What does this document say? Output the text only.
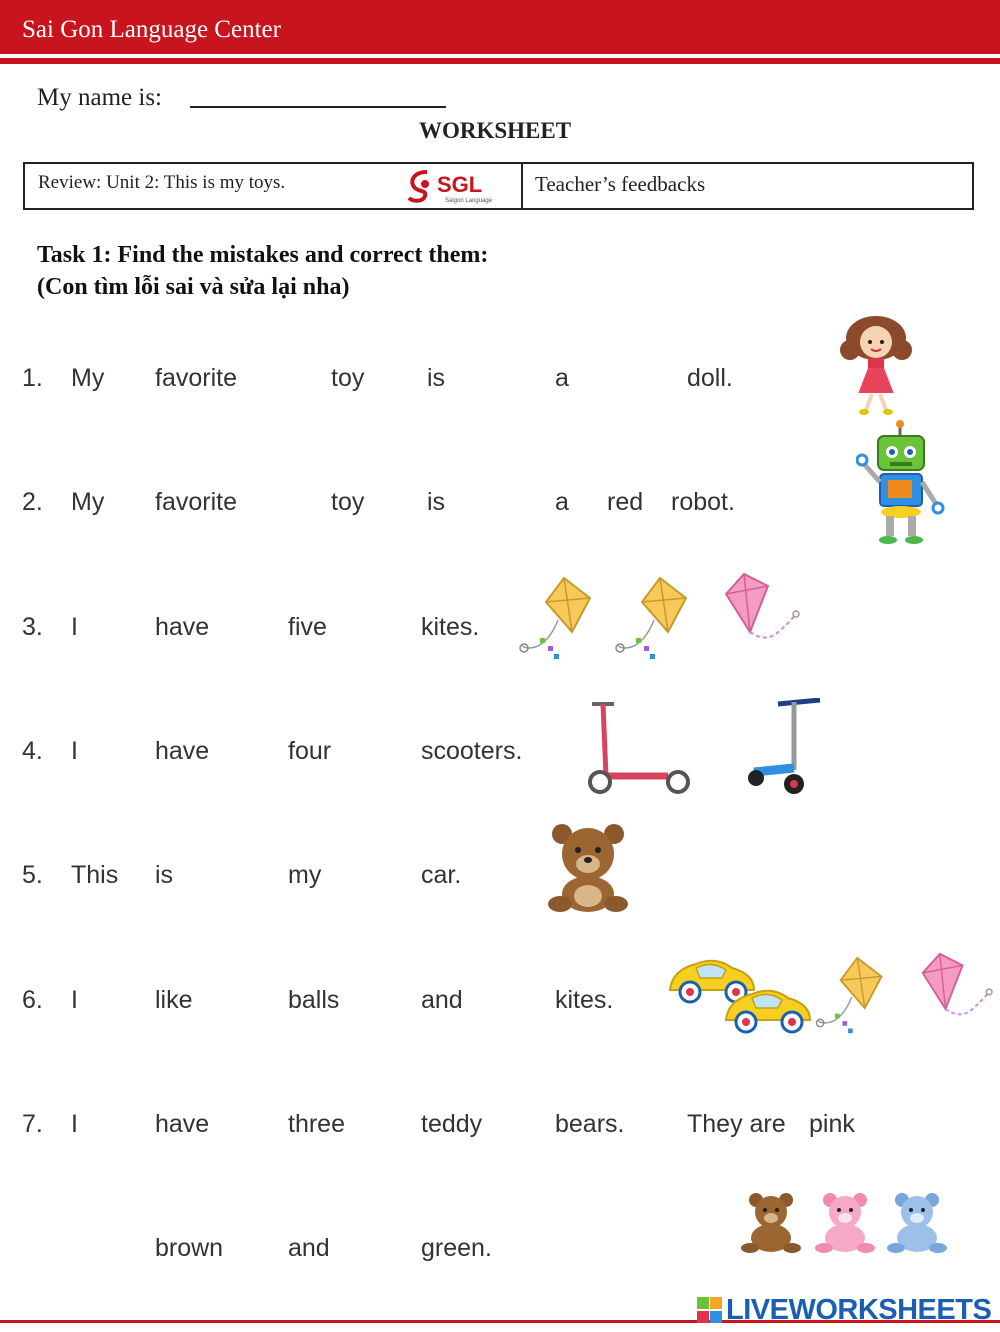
Sai Gon Language Center
My name is:
WORKSHEET
Review: Unit 2: This is my toys.	SGL
Saigon Language
Teacher’s feedbacks
Task 1: Find the mistakes and correct them:
(Con tìm lỗi sai và sửa lại nha)
1. My favorite	toy	is	a	doll.
2. My favorite	toy	is	a red robot.
3. I	have	five	kites.
4. I	have	four	scooters.
5. This is	my	car.
6. I	like	balls	and	kites.
7. I	have	three	teddy	bears.	They are pink
brown	and	green.
LIVEWORKSHEETS
